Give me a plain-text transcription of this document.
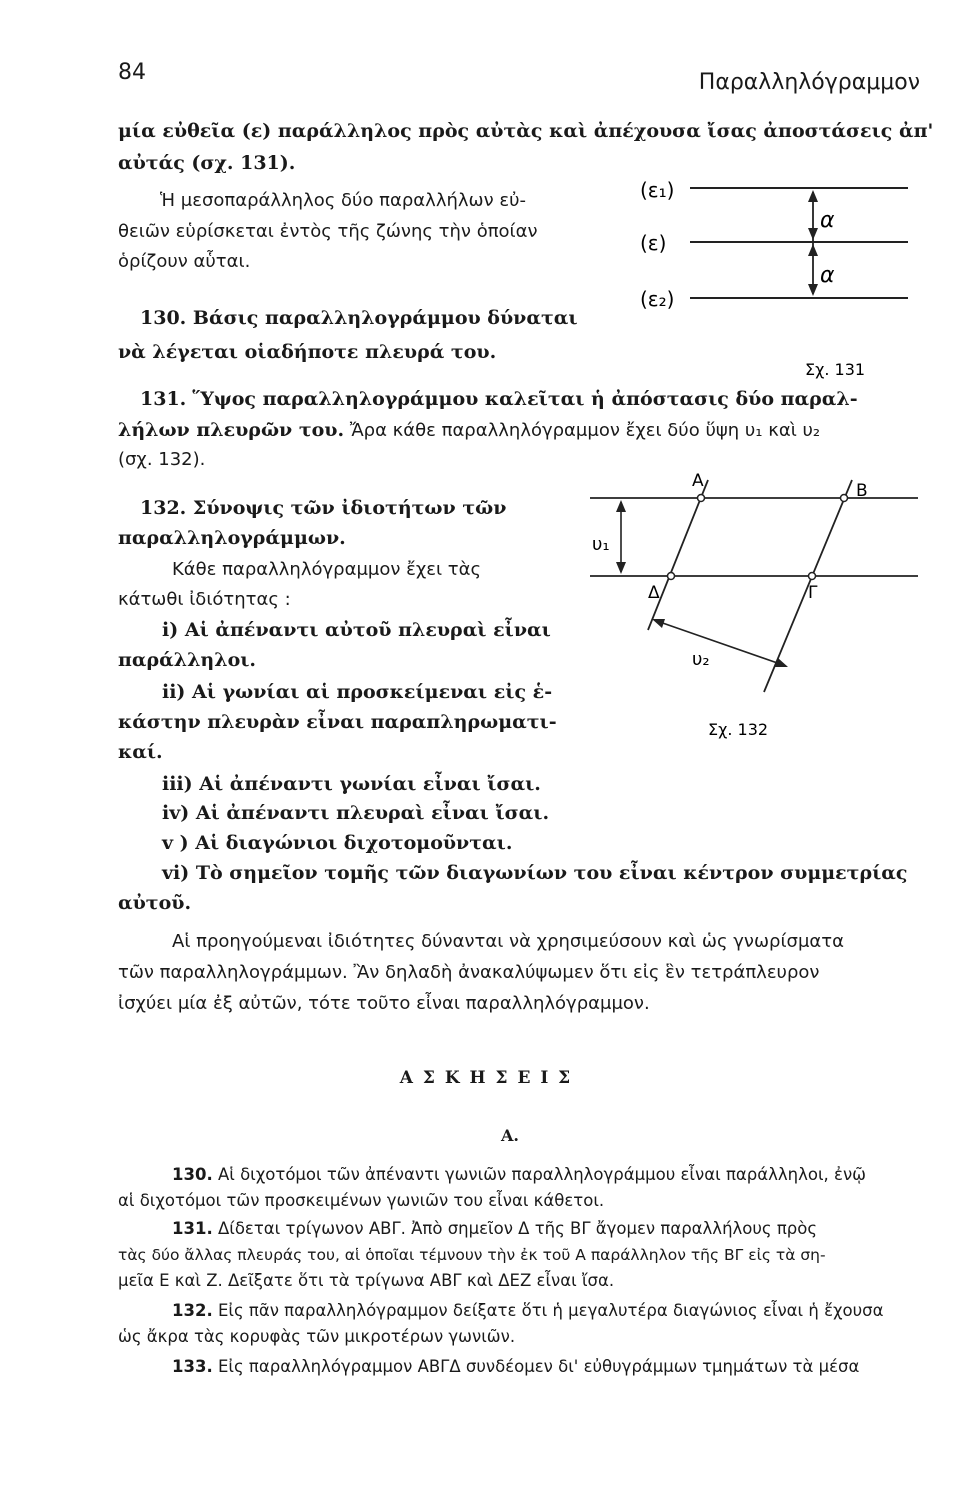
84	Παραλληλόγραμμον
μία εὐθεῖα (ε) παράλληλος πρὸς αὐτὰς καὶ ἀπέχουσα ἴσας ἀποστάσεις ἀπ'
αὐτάς (σχ. 131).
Ἡ μεσοπαράλληλος δύο παραλλήλων εὐ-
θειῶν εὑρίσκεται ἐντὸς τῆς ζώνης τὴν ὁποίαν
ὁρίζουν αὗται.
(ε₁)
(ε)
(ε₂)
α
α
Σχ. 131
130. Βάσις παραλληλογράμμου δύναται
νὰ λέγεται οἱαδήποτε πλευρά του.
131. Ὕψος παραλληλογράμμου καλεῖται ἡ ἀπόστασις δύο παραλ-
λήλων πλευρῶν του. Ἄρα κάθε παραλληλόγραμμον ἔχει δύο ὕψη υ₁ καὶ υ₂
(σχ. 132).
132. Σύνοψις τῶν ἰδιοτήτων τῶν
παραλληλογράμμων.
Κάθε παραλληλόγραμμον ἔχει τὰς
κάτωθι ἰδιότητας :
i) Αἱ ἀπέναντι αὐτοῦ πλευραὶ εἶναι
παράλληλοι.
ii) Αἱ γωνίαι αἱ προσκείμεναι εἰς ἑ-
κάστην πλευρὰν εἶναι παραπληρωματι-
καί.
iii) Αἱ ἀπέναντι γωνίαι εἶναι ἴσαι.
iv) Αἱ ἀπέναντι πλευραὶ εἶναι ἴσαι.
v ) Αἱ διαγώνιοι διχοτομοῦνται.
vi) Τὸ σημεῖον τομῆς τῶν διαγωνίων του εἶναι κέντρον συμμετρίας
αὐτοῦ.
Α	Β
Δ	Γ
υ₁
υ₂
Σχ. 132
Αἱ προηγούμεναι ἰδιότητες δύνανται νὰ χρησιμεύσουν καὶ ὡς γνωρίσματα
τῶν παραλληλογράμμων. Ἂν δηλαδὴ ἀνακαλύψωμεν ὅτι εἰς ἓν τετράπλευρον
ἰσχύει μία ἐξ αὐτῶν, τότε τοῦτο εἶναι παραλληλόγραμμον.
Α Σ Κ Η Σ Ε Ι Σ
Α.
130. Αἱ διχοτόμοι τῶν ἀπέναντι γωνιῶν παραλληλογράμμου εἶναι παράλληλοι, ἐνῷ
αἱ διχοτόμοι τῶν προσκειμένων γωνιῶν του εἶναι κάθετοι.
131. Δίδεται τρίγωνον ΑΒΓ. Ἀπὸ σημεῖον Δ τῆς ΒΓ ἄγομεν παραλλήλους πρὸς
τὰς δύο ἄλλας πλευράς του, αἱ ὁποῖαι τέμνουν τὴν ἐκ τοῦ Α παράλληλον τῆς ΒΓ εἰς τὰ ση-
μεῖα Ε καὶ Ζ. Δεῖξατε ὅτι τὰ τρίγωνα ΑΒΓ καὶ ΔΕΖ εἶναι ἴσα.
132. Εἰς πᾶν παραλληλόγραμμον δείξατε ὅτι ἡ μεγαλυτέρα διαγώνιος εἶναι ἡ ἔχουσα
ὡς ἄκρα τὰς κορυφὰς τῶν μικροτέρων γωνιῶν.
133. Εἰς παραλληλόγραμμον ΑΒΓΔ συνδέομεν δι' εὐθυγράμμων τμημάτων τὰ μέσα
